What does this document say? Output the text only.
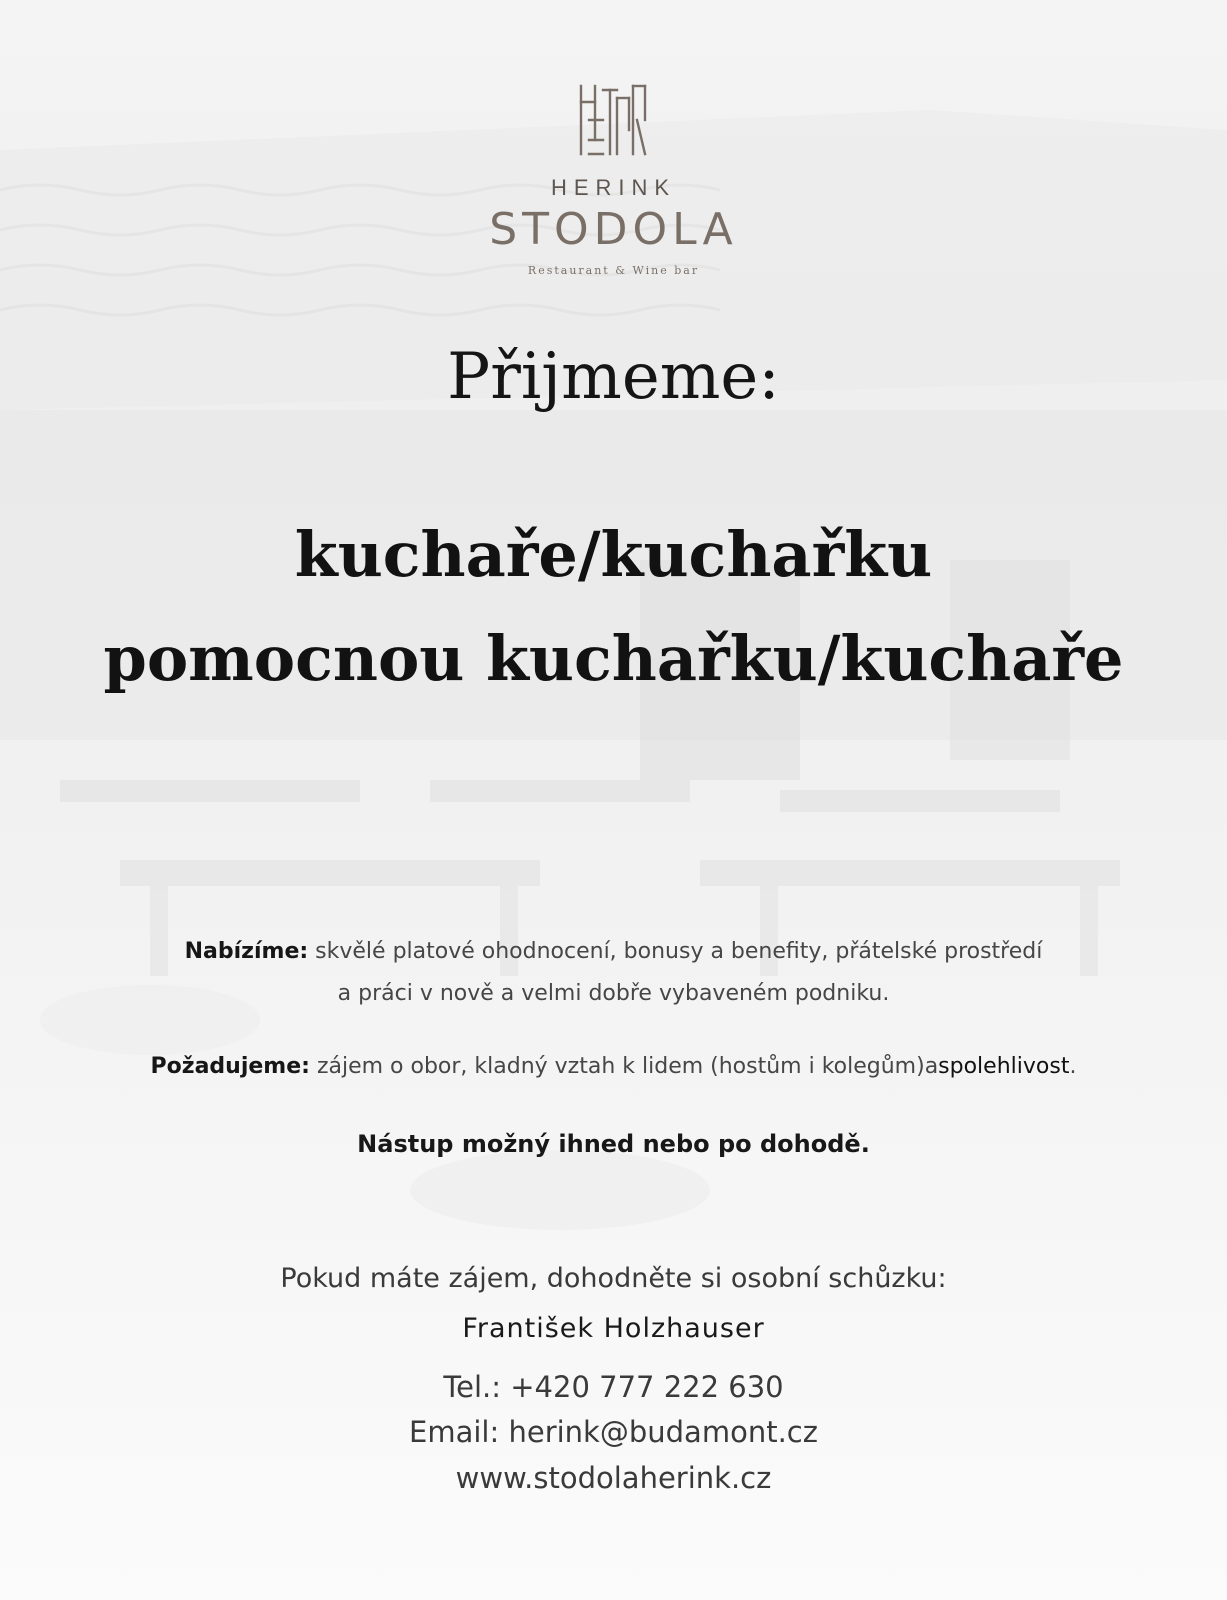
HERINK
STODOLA
Restaurant & Wine bar
Přijmeme:
kuchaře/kuchařku
pomocnou kuchařku/kuchaře
Nabízíme: skvělé platové ohodnocení, bonusy a benefity, přátelské prostředí
a práci v nově a velmi dobře vybaveném podniku.
Požadujeme: zájem o obor, kladný vztah k lidem (hostům i kolegům)aspolehlivost.
Nástup možný ihned nebo po dohodě.
Pokud máte zájem, dohodněte si osobní schůzku:
František Holzhauser
Tel.: +420 777 222 630
Email: herink@budamont.cz
www.stodolaherink.cz
